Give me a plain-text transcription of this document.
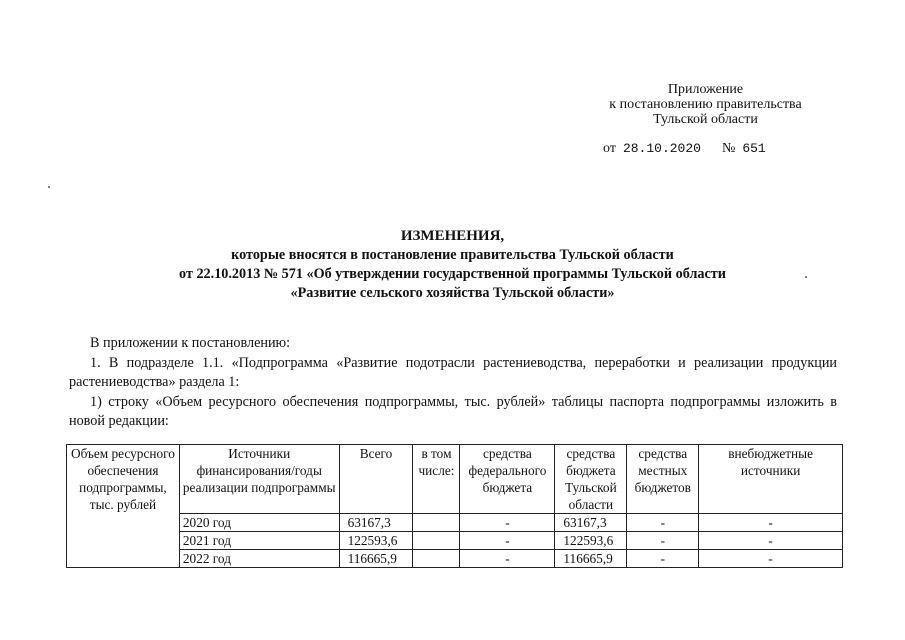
Приложение
к постановлению правительства
Тульской области
от 28.10.2020 № 651
ИЗМЕНЕНИЯ,
которые вносятся в постановление правительства Тульской области
от 22.10.2013 № 571 «Об утверждении государственной программы Тульской области
«Развитие сельского хозяйства Тульской области»

В приложении к постановлению:

1. В подразделе 1.1. «Подпрограмма «Развитие подотрасли растениеводства, переработки и реализации продукции растениеводства» раздела 1:

1) строку «Объем ресурсного обеспечения подпрограммы, тыс. рублей» таблицы паспорта подпрограммы изложить в новой редакции:

Объем ресурсного обеспечения подпрограммы, тыс. рублей	Источники финансирования/годы реализации подпрограммы	Всего	в том числе:	средства федерального бюджета	средства бюджета Тульской области	средства местных бюджетов	внебюджетные источники
	2020 год	63167,3		-	63167,3	-	-
	2021 год	122593,6		-	122593,6	-	-
	2022 год	116665,9		-	116665,9	-	-
